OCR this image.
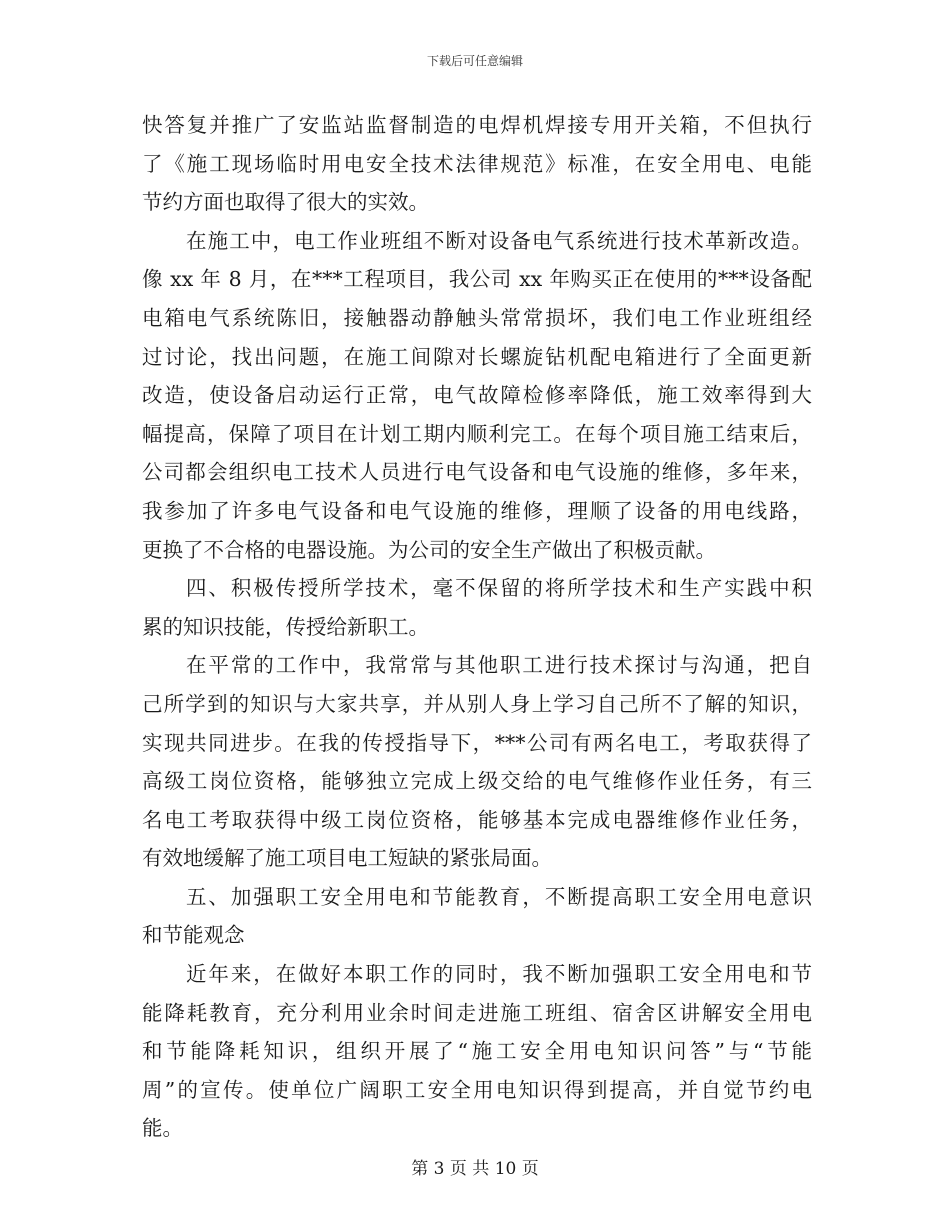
下载后可任意编辑
快答复并推广了安监站监督制造的电焊机焊接专用开关箱，不但执行
了《施工现场临时用电安全技术法律规范》标准，在安全用电、电能
节约方面也取得了很大的实效。
在施工中，电工作业班组不断对设备电气系统进行技术革新改造。
像 xx 年 8 月，在***工程项目，我公司 xx 年购买正在使用的***设备配
电箱电气系统陈旧，接触器动静触头常常损坏，我们电工作业班组经
过讨论，找出问题，在施工间隙对长螺旋钻机配电箱进行了全面更新
改造，使设备启动运行正常，电气故障检修率降低，施工效率得到大
幅提高，保障了项目在计划工期内顺利完工。在每个项目施工结束后，
公司都会组织电工技术人员进行电气设备和电气设施的维修，多年来，
我参加了许多电气设备和电气设施的维修，理顺了设备的用电线路，
更换了不合格的电器设施。为公司的安全生产做出了积极贡献。
四、积极传授所学技术，毫不保留的将所学技术和生产实践中积
累的知识技能，传授给新职工。
在平常的工作中，我常常与其他职工进行技术探讨与沟通，把自
己所学到的知识与大家共享，并从别人身上学习自己所不了解的知识，
实现共同进步。在我的传授指导下，***公司有两名电工，考取获得了
高级工岗位资格，能够独立完成上级交给的电气维修作业任务，有三
名电工考取获得中级工岗位资格，能够基本完成电器维修作业任务，
有效地缓解了施工项目电工短缺的紧张局面。
五、加强职工安全用电和节能教育，不断提高职工安全用电意识
和节能观念
近年来，在做好本职工作的同时，我不断加强职工安全用电和节
能降耗教育，充分利用业余时间走进施工班组、宿舍区讲解安全用电
和节能降耗知识，组织开展了“施工安全用电知识问答”与“节能
周”的宣传。使单位广阔职工安全用电知识得到提高，并自觉节约电
能。
第 3 页 共 10 页
